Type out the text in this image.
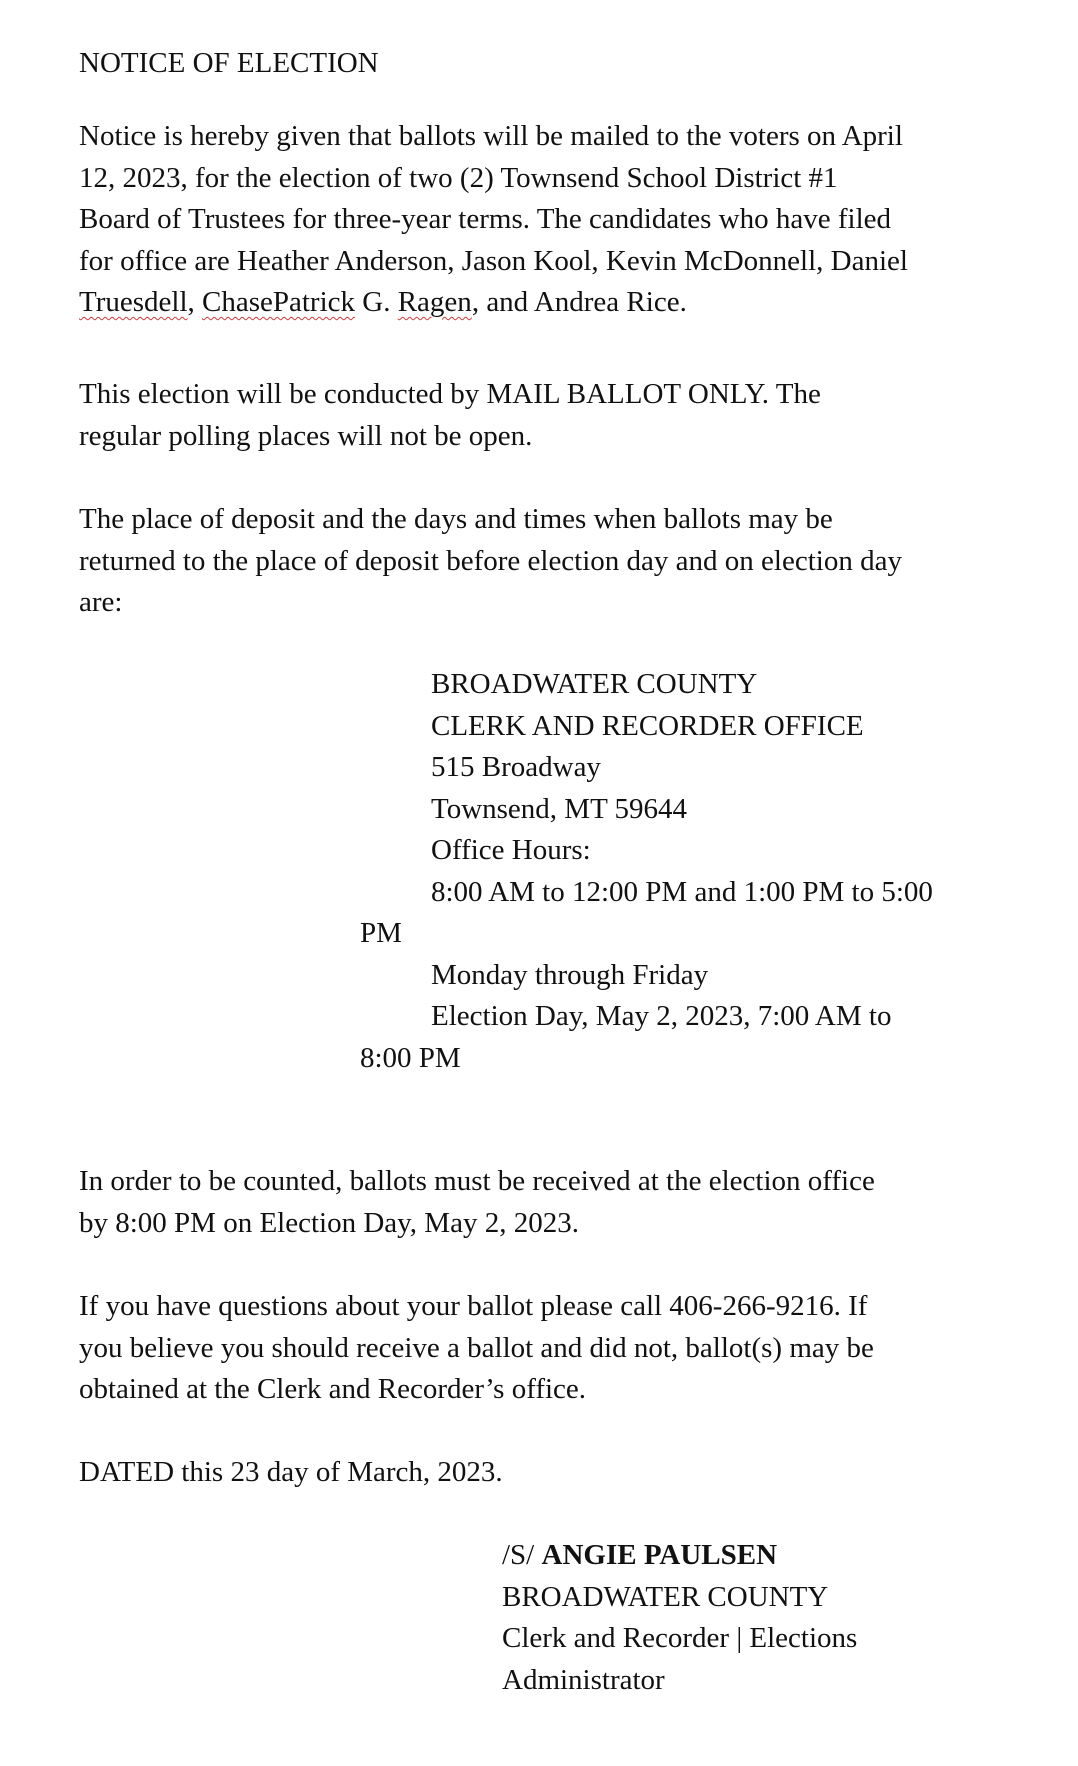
NOTICE OF ELECTION
Notice is hereby given that ballots will be mailed to the voters on April
12, 2023, for the election of two (2) Townsend School District #1
Board of Trustees for three-year terms. The candidates who have filed
for office are Heather Anderson, Jason Kool, Kevin McDonnell, Daniel
Truesdell, ChasePatrick G. Ragen, and Andrea Rice.
This election will be conducted by MAIL BALLOT ONLY. The
regular polling places will not be open.
The place of deposit and the days and times when ballots may be
returned to the place of deposit before election day and on election day
are:
BROADWATER COUNTY
CLERK AND RECORDER OFFICE
515 Broadway
Townsend, MT 59644
Office Hours:
8:00 AM to 12:00 PM and 1:00 PM to 5:00
PM
Monday through Friday
Election Day, May 2, 2023, 7:00 AM to
8:00 PM
In order to be counted, ballots must be received at the election office
by 8:00 PM on Election Day, May 2, 2023.
If you have questions about your ballot please call 406-266-9216. If
you believe you should receive a ballot and did not, ballot(s) may be
obtained at the Clerk and Recorder’s office.
DATED this 23 day of March, 2023.
/S/ ANGIE PAULSEN
BROADWATER COUNTY
Clerk and Recorder | Elections
Administrator
